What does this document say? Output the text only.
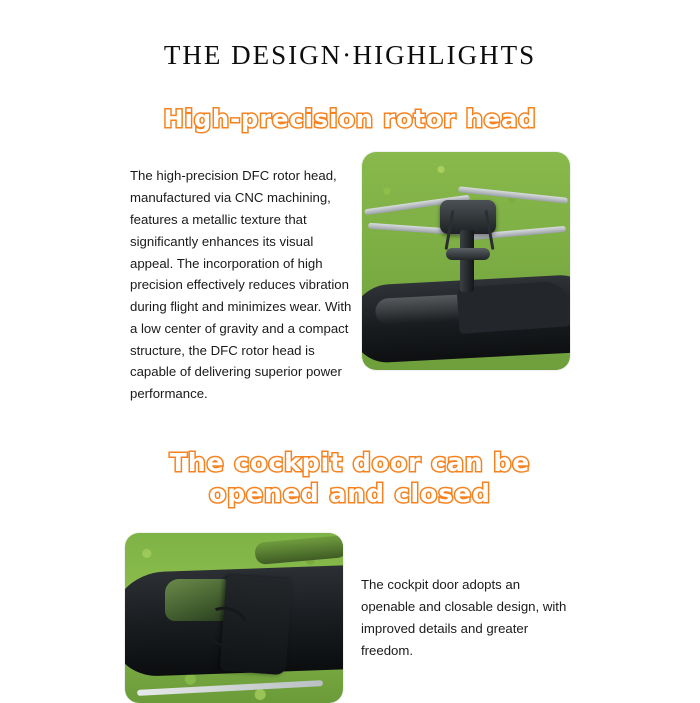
THE DESIGN·HIGHLIGHTS
High-precision rotor head

The high-precision DFC rotor head, manufactured via CNC machining, features a metallic texture that significantly enhances its visual appeal. The incorporation of high precision effectively reduces vibration during flight and minimizes wear. With a low center of gravity and a compact structure, the DFC rotor head is capable of delivering superior power performance.

The cockpit door can be
opened and closed

The cockpit door adopts an openable and closable design, with improved details and greater freedom.
